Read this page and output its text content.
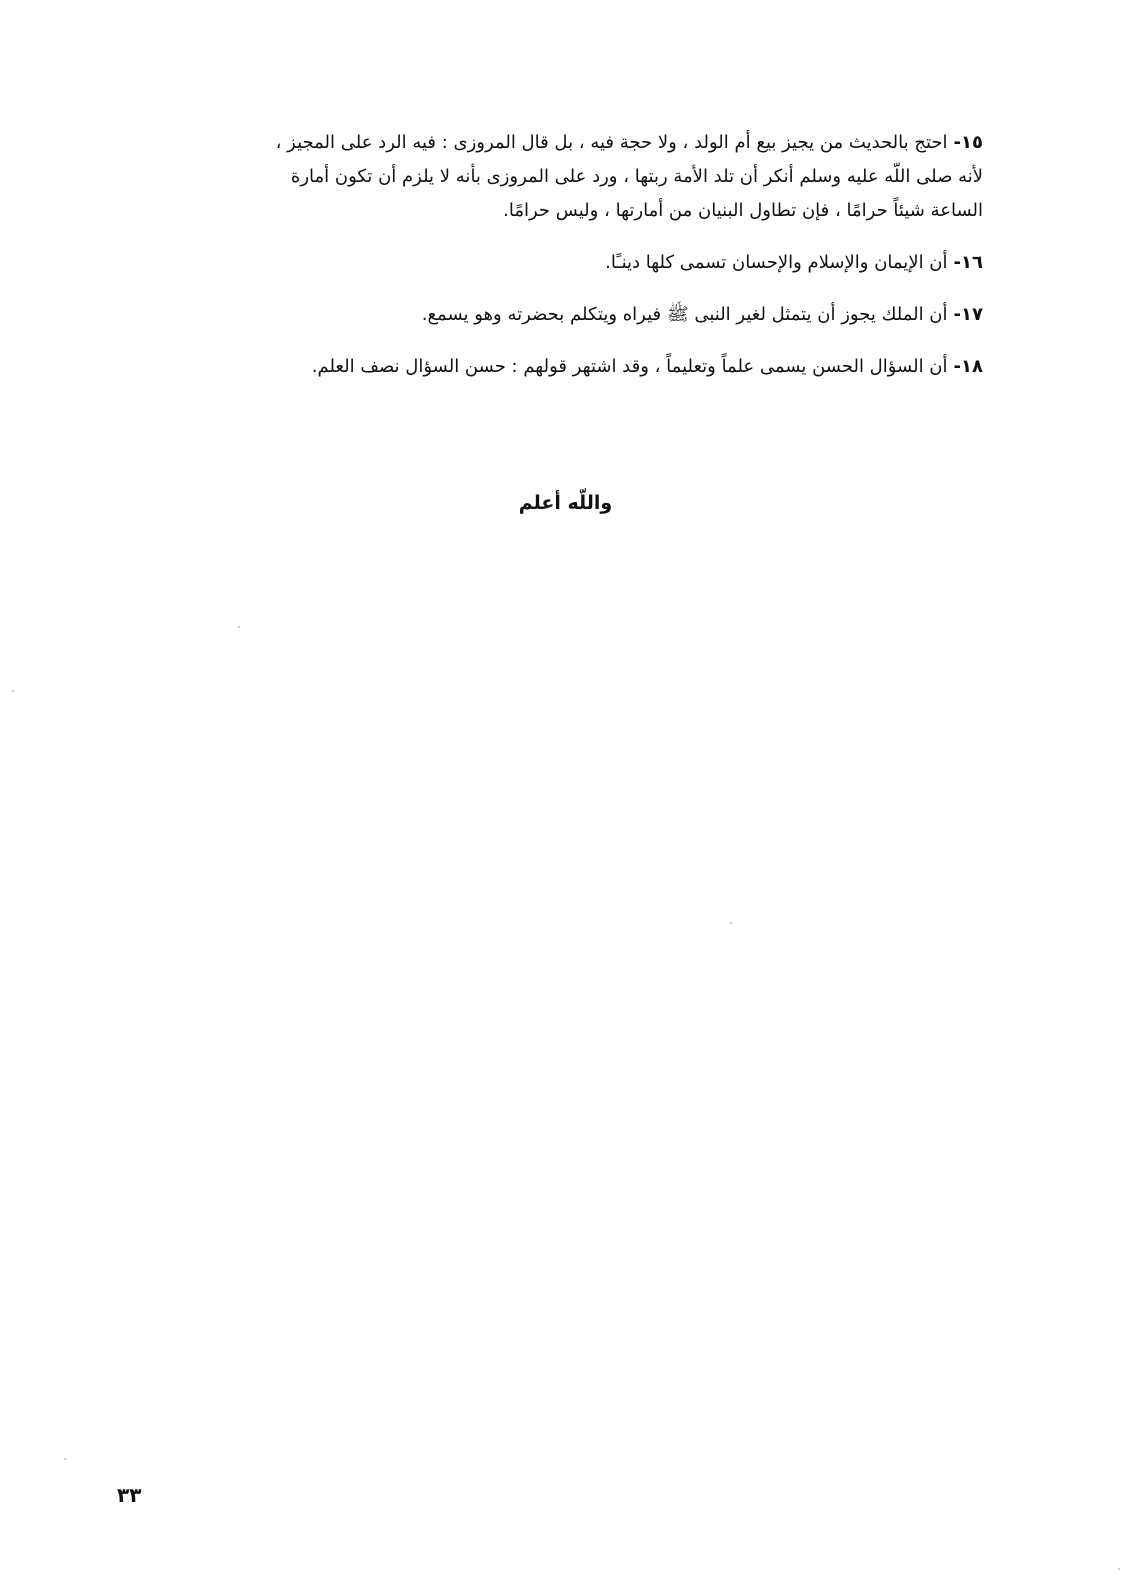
١٥-احتج بالحديث من يجيز بيع أم الولد ، ولا حجة فيه ، بل قال المروزى : فيه الرد على المجيز ،
لأنه صلى اللّه عليه وسلم أنكر أن تلد الأمة ربتها ، ورد على المروزى بأنه لا يلزم أن تكون أمارة
الساعة شيئاً حرامًا ، فإن تطاول البنيان من أمارتها ، وليس حرامًا.
١٦-أن الإيمان والإسلام والإحسان تسمى كلها دينـًا.
١٧-أن الملك يجوز أن يتمثل لغير النبى ﷺ فيراه ويتكلم بحضرته وهو يسمع.
١٨-أن السؤال الحسن يسمى علماً وتعليماً ، وقد اشتهر قولهم : حسن السؤال نصف العلم.
واللّه أعلم
٣٣
